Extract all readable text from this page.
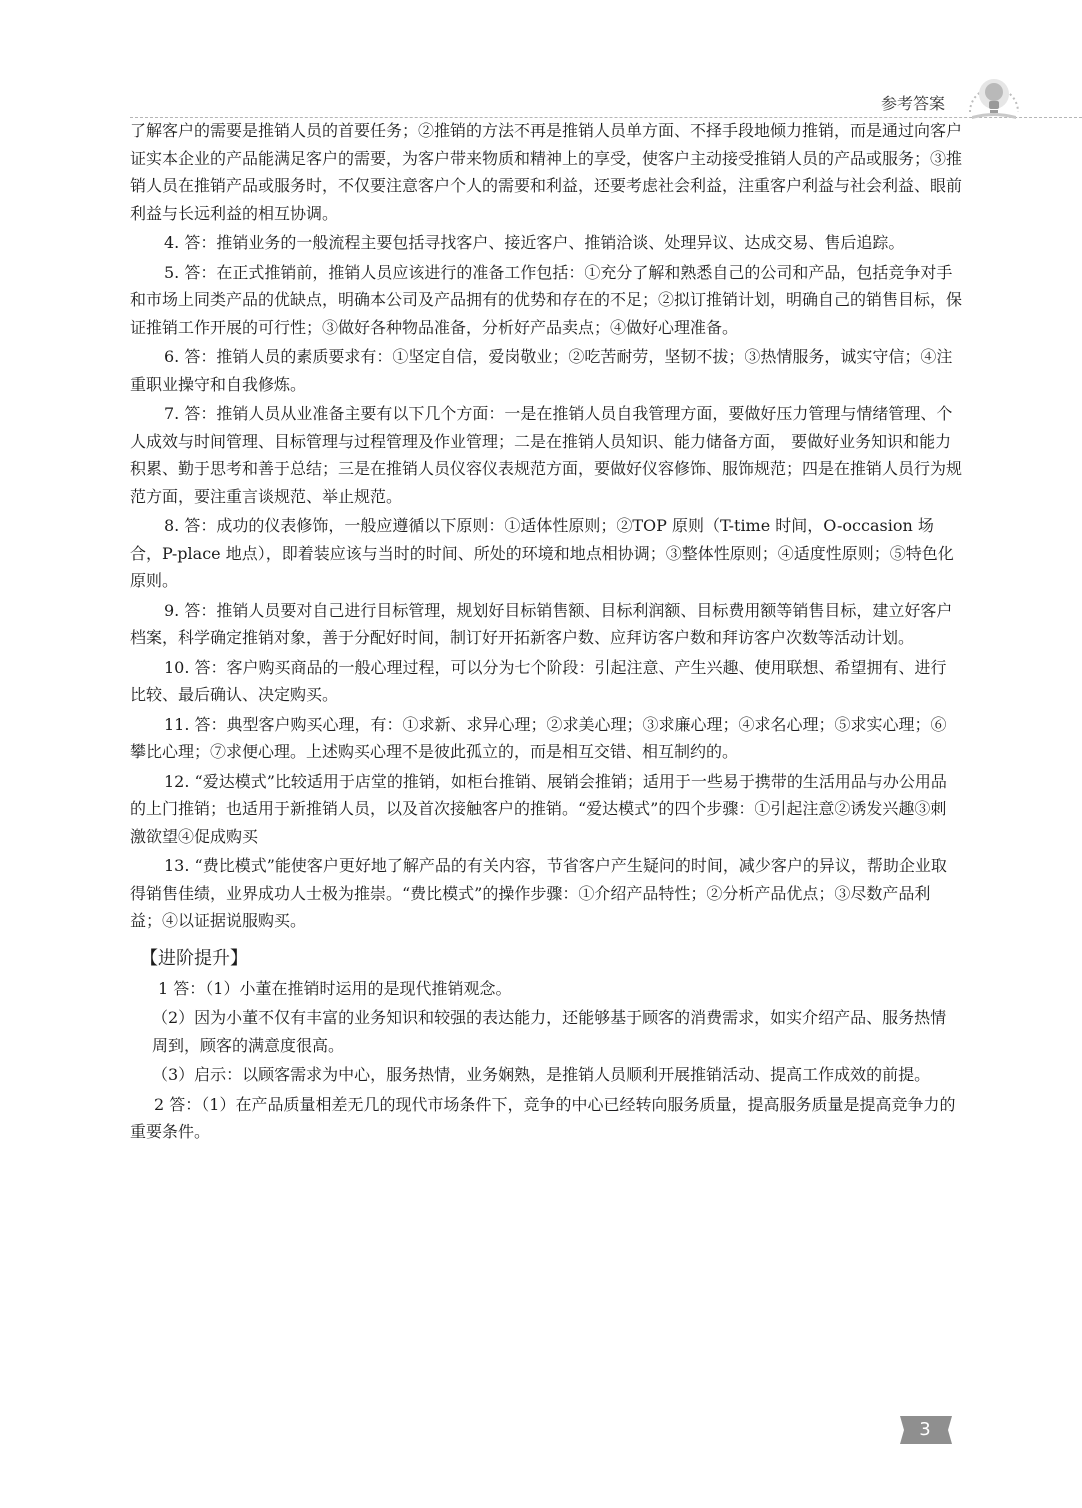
参考答案

了解客户的需要是推销人员的首要任务；②推销的方法不再是推销人员单方面、不择手段地倾力推销，而是通过向客户证实本企业的产品能满足客户的需要，为客户带来物质和精神上的享受，使客户主动接受推销人员的产品或服务；③推销人员在推销产品或服务时，不仅要注意客户个人的需要和利益，还要考虑社会利益，注重客户利益与社会利益、眼前利益与长远利益的相互协调。

4. 答：推销业务的一般流程主要包括寻找客户、接近客户、推销洽谈、处理异议、达成交易、售后追踪。

5. 答：在正式推销前，推销人员应该进行的准备工作包括：①充分了解和熟悉自己的公司和产品，包括竞争对手和市场上同类产品的优缺点，明确本公司及产品拥有的优势和存在的不足；②拟订推销计划，明确自己的销售目标，保证推销工作开展的可行性；③做好各种物品准备，分析好产品卖点；④做好心理准备。

6. 答：推销人员的素质要求有：①坚定自信，爱岗敬业；②吃苦耐劳，坚韧不拔；③热情服务，诚实守信；④注重职业操守和自我修炼。

7. 答：推销人员从业准备主要有以下几个方面：一是在推销人员自我管理方面，要做好压力管理与情绪管理、个人成效与时间管理、目标管理与过程管理及作业管理；二是在推销人员知识、能力储备方面， 要做好业务知识和能力积累、勤于思考和善于总结；三是在推销人员仪容仪表规范方面，要做好仪容修饰、服饰规范；四是在推销人员行为规范方面，要注重言谈规范、举止规范。

8. 答：成功的仪表修饰，一般应遵循以下原则：①适体性原则；②TOP 原则（T-time 时间，O-occasion 场合，P-place 地点），即着装应该与当时的时间、所处的环境和地点相协调；③整体性原则；④适度性原则；⑤特色化原则。

9. 答：推销人员要对自己进行目标管理，规划好目标销售额、目标利润额、目标费用额等销售目标，建立好客户档案，科学确定推销对象，善于分配好时间，制订好开拓新客户数、应拜访客户数和拜访客户次数等活动计划。

10. 答：客户购买商品的一般心理过程，可以分为七个阶段：引起注意、产生兴趣、使用联想、希望拥有、进行比较、最后确认、决定购买。

11. 答：典型客户购买心理，有：①求新、求异心理；②求美心理；③求廉心理；④求名心理；⑤求实心理；⑥攀比心理；⑦求便心理。上述购买心理不是彼此孤立的，而是相互交错、相互制约的。

12. “爱达模式”比较适用于店堂的推销，如柜台推销、展销会推销；适用于一些易于携带的生活用品与办公用品的上门推销；也适用于新推销人员，以及首次接触客户的推销。“爱达模式”的四个步骤：①引起注意②诱发兴趣③刺激欲望④促成购买

13. “费比模式”能使客户更好地了解产品的有关内容，节省客户产生疑问的时间，减少客户的异议，帮助企业取得销售佳绩，业界成功人士极为推崇。“费比模式”的操作步骤：①介绍产品特性；②分析产品优点；③尽数产品利益；④以证据说服购买。

【进阶提升】

1 答：（1）小董在推销时运用的是现代推销观念。

（2）因为小董不仅有丰富的业务知识和较强的表达能力，还能够基于顾客的消费需求，如实介绍产品、服务热情周到，顾客的满意度很高。

（3）启示：以顾客需求为中心，服务热情，业务娴熟，是推销人员顺利开展推销活动、提高工作成效的前提。

2 答：（1）在产品质量相差无几的现代市场条件下，竞争的中心已经转向服务质量，提高服务质量是提高竞争力的重要条件。

3
